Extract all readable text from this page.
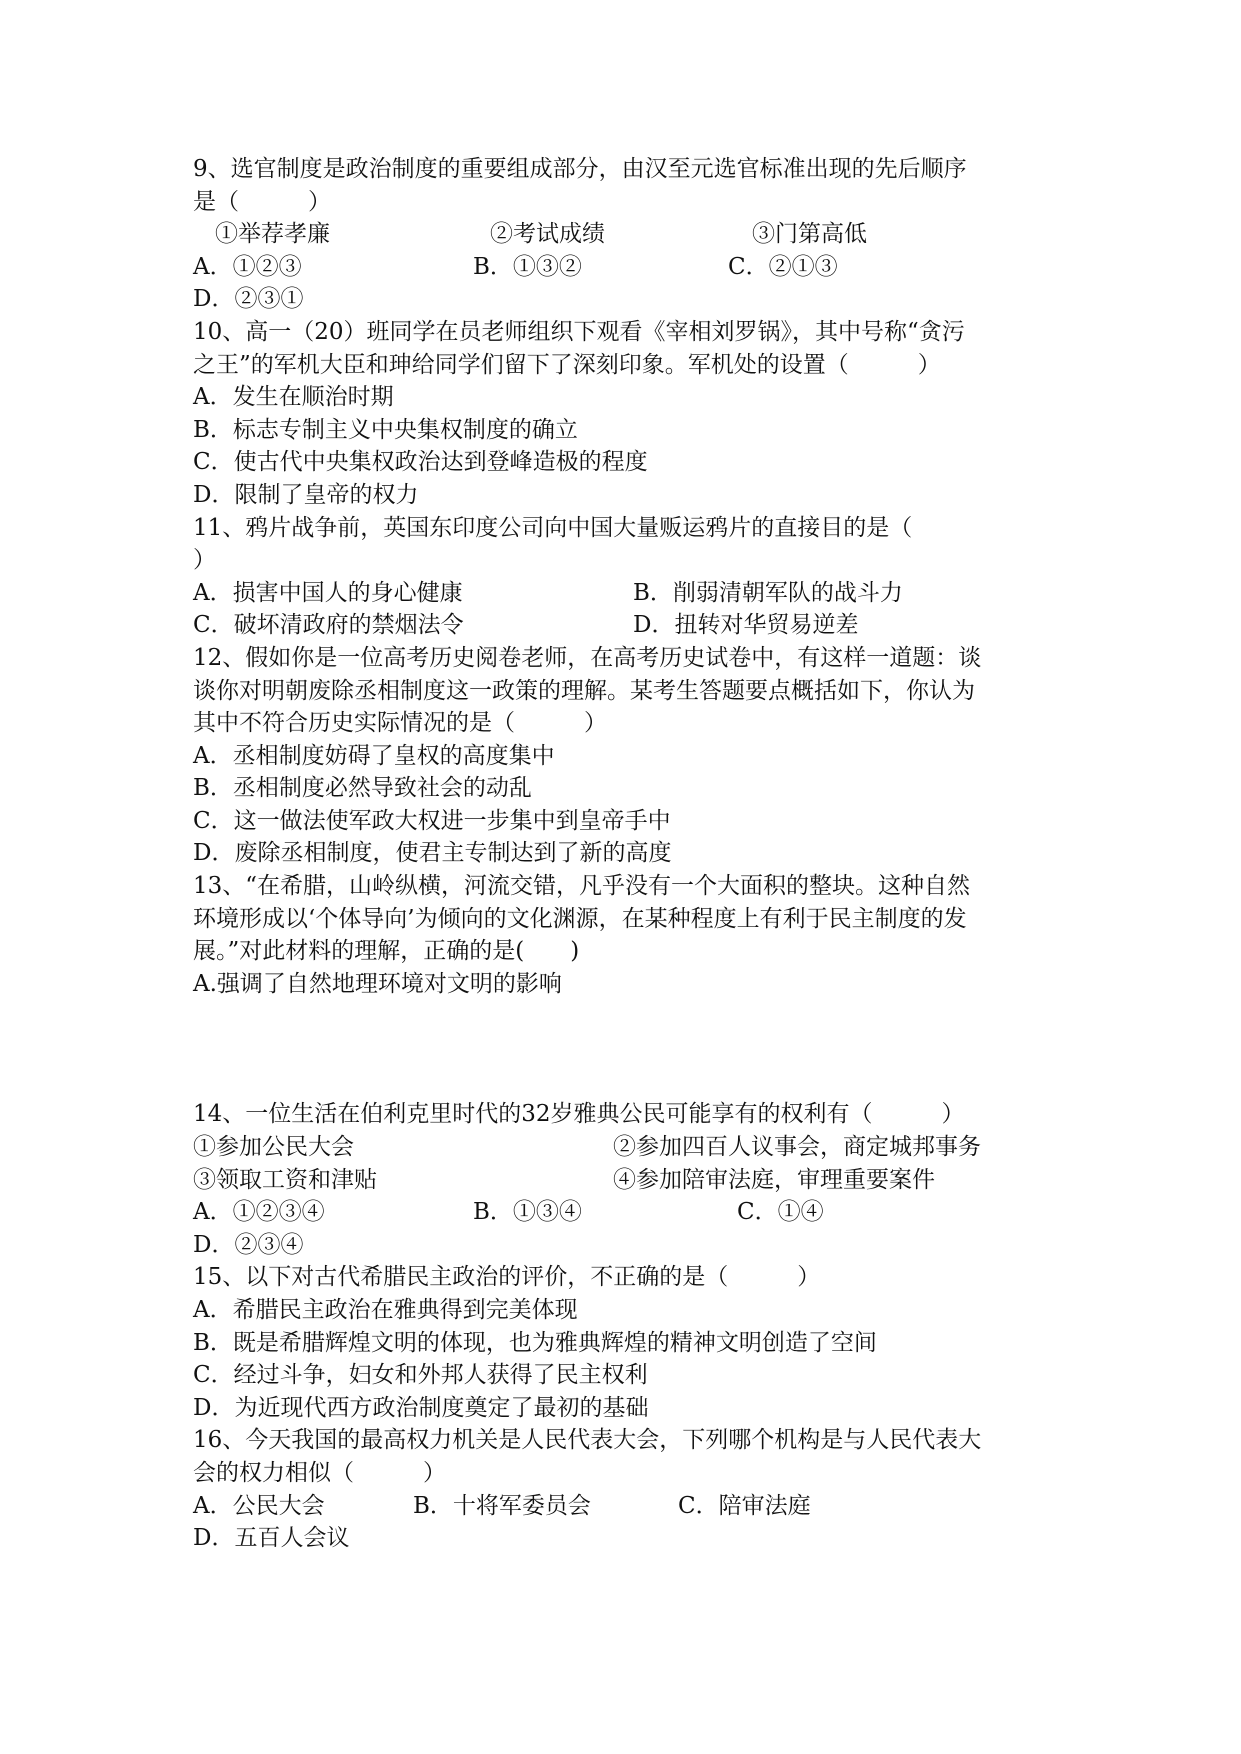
9、选官制度是政治制度的重要组成部分，由汉至元选官标准出现的先后顺序
是（　　　）
①举荐孝廉	②考试成绩	③门第高低
A．①②③	B．①③②	C．②①③
D．②③①
10、高一（20）班同学在员老师组织下观看《宰相刘罗锅》，其中号称“贪污
之王”的军机大臣和珅给同学们留下了深刻印象。军机处的设置（　　　）
A．发生在顺治时期
B．标志专制主义中央集权制度的确立
C．使古代中央集权政治达到登峰造极的程度
D．限制了皇帝的权力
11、鸦片战争前，英国东印度公司向中国大量贩运鸦片的直接目的是（
）
A．损害中国人的身心健康	B．削弱清朝军队的战斗力
C．破坏清政府的禁烟法令	D．扭转对华贸易逆差
12、假如你是一位高考历史阅卷老师，在高考历史试卷中，有这样一道题：谈
谈你对明朝废除丞相制度这一政策的理解。某考生答题要点概括如下，你认为
其中不符合历史实际情况的是（　　　）
A．丞相制度妨碍了皇权的高度集中
B．丞相制度必然导致社会的动乱
C．这一做法使军政大权进一步集中到皇帝手中
D．废除丞相制度，使君主专制达到了新的高度
13、“在希腊，山岭纵横，河流交错，凡乎没有一个大面积的整块。这种自然
环境形成以‘个体导向’为倾向的文化渊源，在某种程度上有利于民主制度的发
展。”对此材料的理解，正确的是(　　)
A.强调了自然地理环境对文明的影响
14、一位生活在伯利克里时代的32岁雅典公民可能享有的权利有（　　　）
①参加公民大会	②参加四百人议事会，商定城邦事务
③领取工资和津贴	④参加陪审法庭，审理重要案件
A．①②③④	B．①③④	C．①④
D．②③④
15、以下对古代希腊民主政治的评价，不正确的是（　　　）
A．希腊民主政治在雅典得到完美体现
B．既是希腊辉煌文明的体现，也为雅典辉煌的精神文明创造了空间
C．经过斗争，妇女和外邦人获得了民主权利
D．为近现代西方政治制度奠定了最初的基础
16、今天我国的最高权力机关是人民代表大会，下列哪个机构是与人民代表大
会的权力相似（　　　）
A．公民大会	B．十将军委员会	C．陪审法庭
D．五百人会议
